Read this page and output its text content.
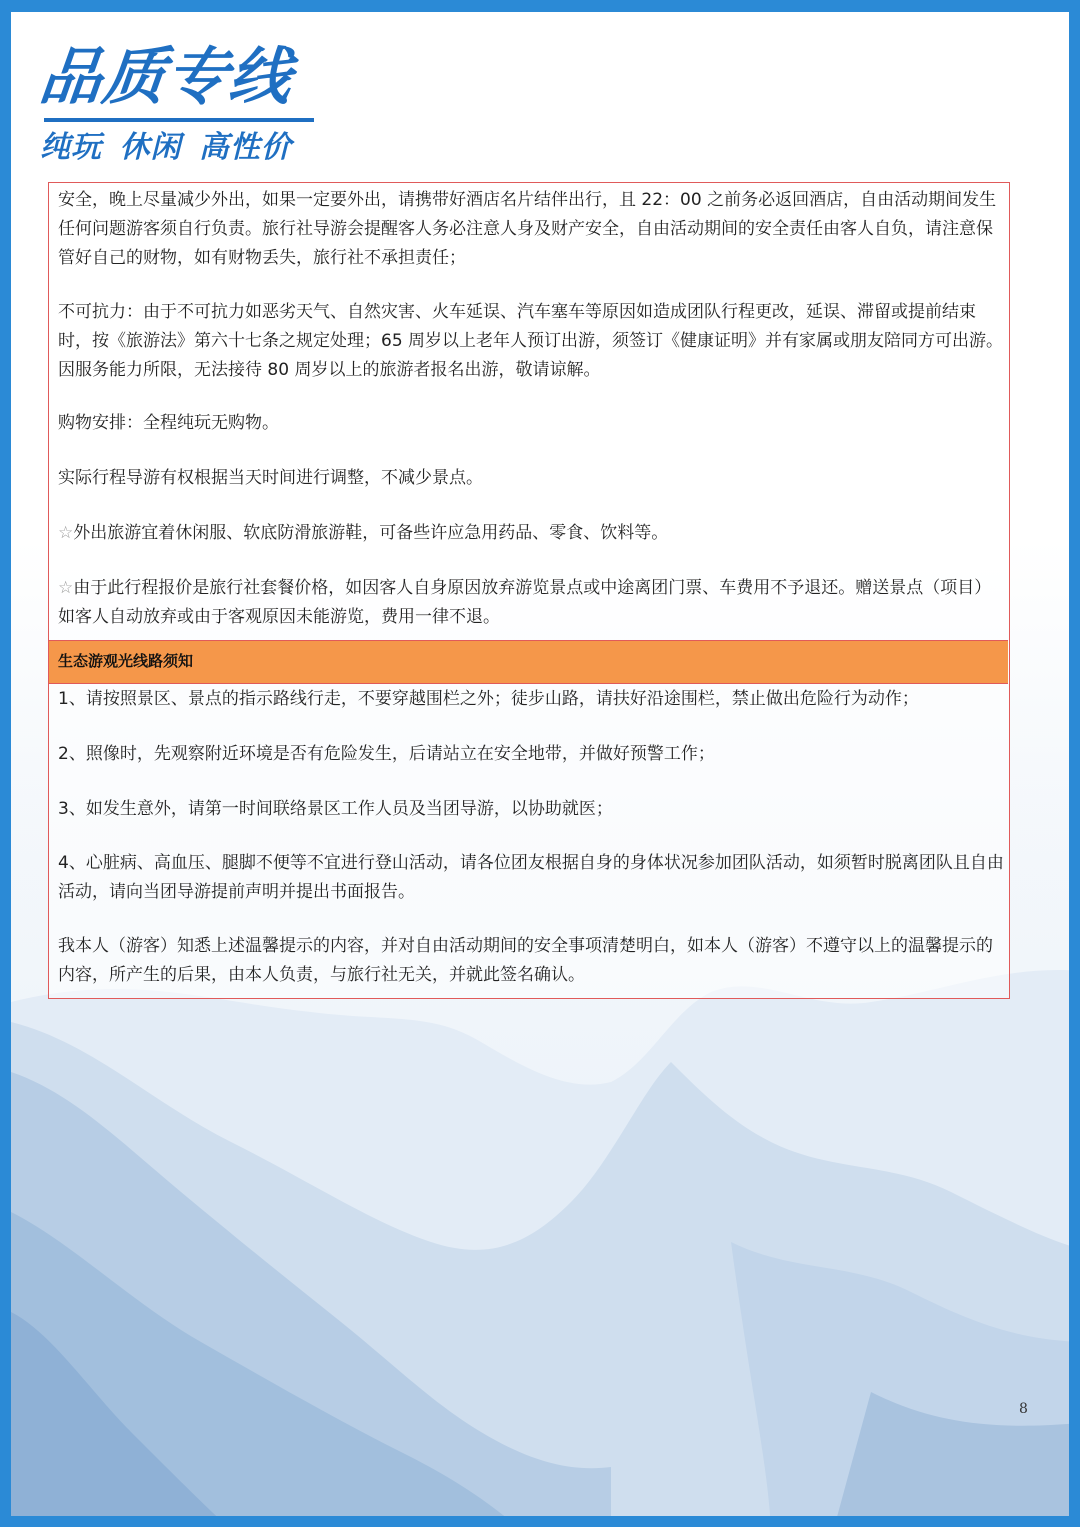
品质专线
纯玩 休闲 高性价

安全，晚上尽量减少外出，如果一定要外出，请携带好酒店名片结伴出行，且 22：00 之前务必返回酒店，自由活动期间发生任何问题游客须自行负责。旅行社导游会提醒客人务必注意人身及财产安全，自由活动期间的安全责任由客人自负，请注意保管好自己的财物，如有财物丢失，旅行社不承担责任；

不可抗力：由于不可抗力如恶劣天气、自然灾害、火车延误、汽车塞车等原因如造成团队行程更改，延误、滞留或提前结束时，按《旅游法》第六十七条之规定处理；65 周岁以上老年人预订出游，须签订《健康证明》并有家属或朋友陪同方可出游。因服务能力所限，无法接待 80 周岁以上的旅游者报名出游，敬请谅解。

购物安排：全程纯玩无购物。

实际行程导游有权根据当天时间进行调整，不减少景点。

☆外出旅游宜着休闲服、软底防滑旅游鞋，可备些许应急用药品、零食、饮料等。

☆由于此行程报价是旅行社套餐价格，如因客人自身原因放弃游览景点或中途离团门票、车费用不予退还。赠送景点（项目）如客人自动放弃或由于客观原因未能游览，费用一律不退。

生态游观光线路须知

1、请按照景区、景点的指示路线行走，不要穿越围栏之外；徒步山路，请扶好沿途围栏，禁止做出危险行为动作；

2、照像时，先观察附近环境是否有危险发生，后请站立在安全地带，并做好预警工作；

3、如发生意外，请第一时间联络景区工作人员及当团导游，以协助就医；

4、心脏病、高血压、腿脚不便等不宜进行登山活动，请各位团友根据自身的身体状况参加团队活动，如须暂时脱离团队且自由活动，请向当团导游提前声明并提出书面报告。

我本人（游客）知悉上述温馨提示的内容，并对自由活动期间的安全事项清楚明白，如本人（游客）不遵守以上的温馨提示的内容，所产生的后果，由本人负责，与旅行社无关，并就此签名确认。

8
